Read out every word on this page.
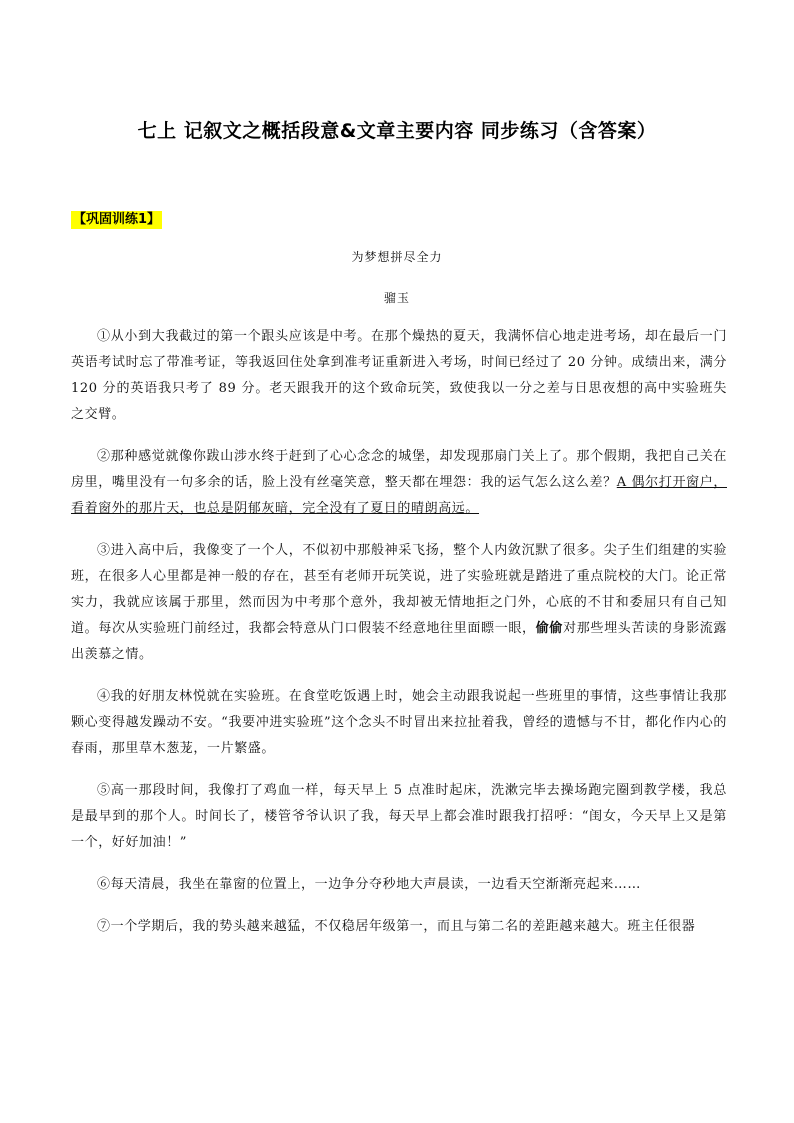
七上 记叙文之概括段意&文章主要内容 同步练习（含答案）
【巩固训练1】
为梦想拼尽全力
骝玉

①从小到大我截过的第一个跟头应该是中考。在那个燥热的夏天，我满怀信心地走进考场，却在最后一门英语考试时忘了带准考证，等我返回住处拿到准考证重新进入考场，时间已经过了 20 分钟。成绩出来，满分 120 分的英语我只考了 89 分。老天跟我开的这个致命玩笑，致使我以一分之差与日思夜想的高中实验班失之交臂。

②那种感觉就像你跋山涉水终于赶到了心心念念的城堡，却发现那扇门关上了。那个假期，我把自己关在房里，嘴里没有一句多余的话，脸上没有丝毫笑意，整天都在埋怨：我的运气怎么这么差？A 偶尔打开窗户，看着窗外的那片天，也总是阴郁灰暗，完全没有了夏日的晴朗高远。

③进入高中后，我像变了一个人，不似初中那般神采飞扬，整个人内敛沉默了很多。尖子生们组建的实验班，在很多人心里都是神一般的存在，甚至有老师开玩笑说，进了实验班就是踏进了重点院校的大门。论正常实力，我就应该属于那里，然而因为中考那个意外，我却被无情地拒之门外，心底的不甘和委屈只有自己知道。每次从实验班门前经过，我都会特意从门口假装不经意地往里面瞟一眼，偷偷对那些埋头苦读的身影流露出羡慕之情。

④我的好朋友林悦就在实验班。在食堂吃饭遇上时，她会主动跟我说起一些班里的事情，这些事情让我那颗心变得越发躁动不安。“我要冲进实验班”这个念头不时冒出来拉扯着我，曾经的遗憾与不甘，都化作内心的春雨，那里草木葱茏，一片繁盛。

⑤高一那段时间，我像打了鸡血一样，每天早上 5 点准时起床，洗漱完毕去操场跑完圈到教学楼，我总是最早到的那个人。时间长了，楼管爷爷认识了我，每天早上都会准时跟我打招呼：“闺女，今天早上又是第一个，好好加油！”

⑥每天清晨，我坐在靠窗的位置上，一边争分夺秒地大声晨读，一边看天空渐渐亮起来……

⑦一个学期后，我的势头越来越猛，不仅稳居年级第一，而且与第二名的差距越来越大。班主任很器
